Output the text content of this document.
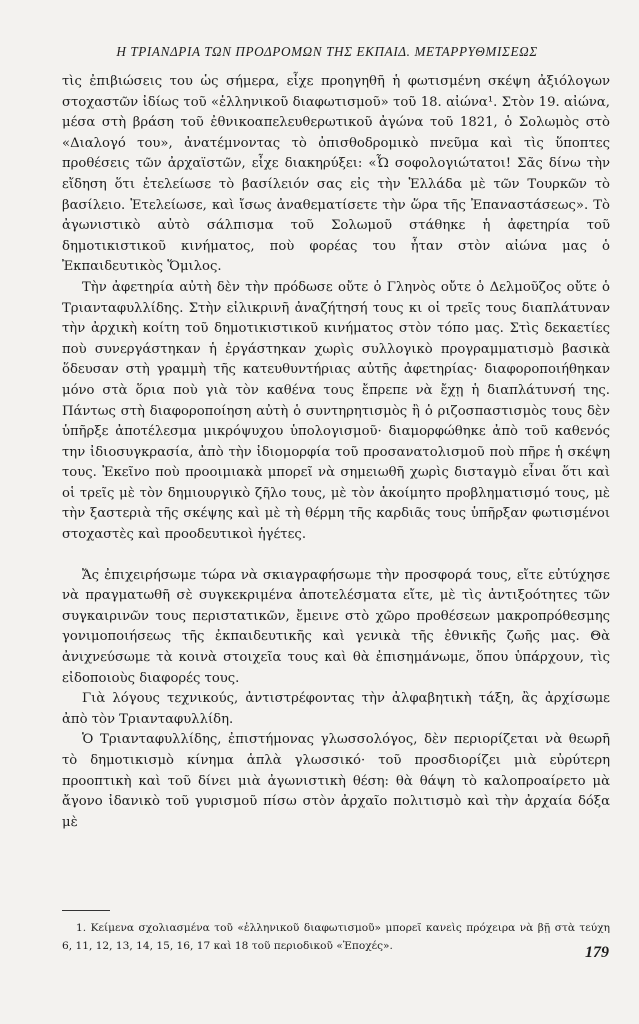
Η ΤΡΙΑΝΔΡΙΑ ΤΩΝ ΠΡΟΔΡΟΜΩΝ ΤΗΣ ΕΚΠΑΙΔ. ΜΕΤΑΡΡΥΘΜΙΣΕΩΣ

τὶς ἐπιβιώσεις του ὡς σήμερα, εἶχε προηγηθῆ ἡ φωτισμένη σκέψη ἀξιόλογων στοχαστῶν ἰδίως τοῦ «ἑλληνικοῦ διαφωτισμοῦ» τοῦ 18. αἰώνα¹. Στὸν 19. αἰώνα, μέσα στὴ βράση τοῦ ἐθνικοαπελευθερωτικοῦ ἀγώνα τοῦ 1821, ὁ Σολωμὸς στὸ «Διαλογό του», ἀνατέμνοντας τὸ ὀπισθοδρομικὸ πνεῦμα καὶ τὶς ὕποπτες προθέσεις τῶν ἀρχαϊστῶν, εἶχε διακηρύξει: «Ὦ σοφολογιώτατοι! Σᾶς δίνω τὴν εἴδηση ὅτι ἐτελείωσε τὸ βασίλειόν σας εἰς τὴν Ἑλλάδα μὲ τῶν Τουρκῶν τὸ βασίλειο. Ἐτελείωσε, καὶ ἴσως ἀναθεματίσετε τὴν ὥρα τῆς Ἐπαναστάσεως». Τὸ ἀγωνιστικὸ αὐτὸ σάλπισμα τοῦ Σολωμοῦ στάθηκε ἡ ἀφετηρία τοῦ δημοτικιστικοῦ κινήματος, ποὺ φορέας του ἦταν στὸν αἰώνα μας ὁ Ἐκπαιδευτικὸς Ὅμιλος.

Τὴν ἀφετηρία αὐτὴ δὲν τὴν πρόδωσε οὔτε ὁ Γληνὸς οὔτε ὁ Δελμοῦζος οὔτε ὁ Τριανταφυλλίδης. Στὴν εἰλικρινῆ ἀναζήτησή τους κι οἱ τρεῖς τους διαπλάτυναν τὴν ἀρχικὴ κοίτη τοῦ δημοτικιστικοῦ κινήματος στὸν τόπο μας. Στὶς δεκαετίες ποὺ συνεργάστηκαν ἡ ἐργάστηκαν χωρὶς συλλογικὸ προγραμματισμὸ βασικὰ ὅδευσαν στὴ γραμμὴ τῆς κατευθυντήριας αὐτῆς ἀφετηρίας· διαφοροποιήθηκαν μόνο στὰ ὅρια ποὺ γιὰ τὸν καθένα τους ἔπρεπε νὰ ἔχῃ ἡ διαπλάτυνσή της. Πάντως στὴ διαφοροποίηση αὐτὴ ὁ συντηρητισμὸς ἢ ὁ ριζοσπαστισμὸς τους δὲν ὑπῆρξε ἀποτέλεσμα μικρόψυχου ὑπολογισμοῦ· διαμορφώθηκε ἀπὸ τοῦ καθενός την ἰδιοσυγκρασία, ἀπὸ τὴν ἰδιομορφία τοῦ προσανατολισμοῦ ποὺ πῆρε ἡ σκέψη τους. Ἐκεῖνο ποὺ προοιμιακὰ μπορεῖ νὰ σημειωθῆ χωρὶς δισταγμὸ εἶναι ὅτι καὶ οἱ τρεῖς μὲ τὸν δημιουργικὸ ζῆλο τους, μὲ τὸν ἀκοίμητο προβληματισμό τους, μὲ τὴν ξαστεριὰ τῆς σκέψης καὶ μὲ τὴ θέρμη τῆς καρδιᾶς τους ὑπῆρξαν φωτισμένοι στοχαστὲς καὶ προοδευτικοὶ ἡγέτες.

Ἄς ἐπιχειρήσωμε τώρα νὰ σκιαγραφήσωμε τὴν προσφορά τους, εἴτε εὐτύχησε νὰ πραγματωθῆ σὲ συγκεκριμένα ἀποτελέσματα εἴτε, μὲ τὶς ἀντιξοότητες τῶν συγκαιρινῶν τους περιστατικῶν, ἔμεινε στὸ χῶρο προθέσεων μακροπρόθεσμης γονιμοποιήσεως τῆς ἐκπαιδευτικῆς καὶ γενικὰ τῆς ἐθνικῆς ζωῆς μας. Θὰ ἀνιχνεύσωμε τὰ κοινὰ στοιχεῖα τους καὶ θὰ ἐπισημάνωμε, ὅπου ὑπάρχουν, τὶς εἰδοποιοὺς διαφορές τους.

Γιὰ λόγους τεχνικούς, ἀντιστρέφοντας τὴν ἀλφαβητικὴ τάξη, ἂς ἀρχίσωμε ἀπὸ τὸν Τριανταφυλλίδη.

Ὁ Τριανταφυλλίδης, ἐπιστήμονας γλωσσολόγος, δὲν περιορίζεται νὰ θεωρῆ τὸ δημοτικισμὸ κίνημα ἁπλὰ γλωσσικό· τοῦ προσδιορίζει μιὰ εὐρύτερη προοπτικὴ καὶ τοῦ δίνει μιὰ ἀγωνιστικὴ θέση: θὰ θάψη τὸ καλοπροαίρετο μὰ ἄγονο ἰδανικὸ τοῦ γυρισμοῦ πίσω στὸν ἀρχαῖο πολιτισμὸ καὶ τὴν ἀρχαία δόξα μὲ

1. Κείμενα σχολιασμένα τοῦ «ἑλληνικοῦ διαφωτισμοῦ» μπορεῖ κανεὶς πρόχειρα νὰ βῇ στὰ τεύχη 6, 11, 12, 13, 14, 15, 16, 17 καὶ 18 τοῦ περιοδικοῦ «Ἐποχές».	179
